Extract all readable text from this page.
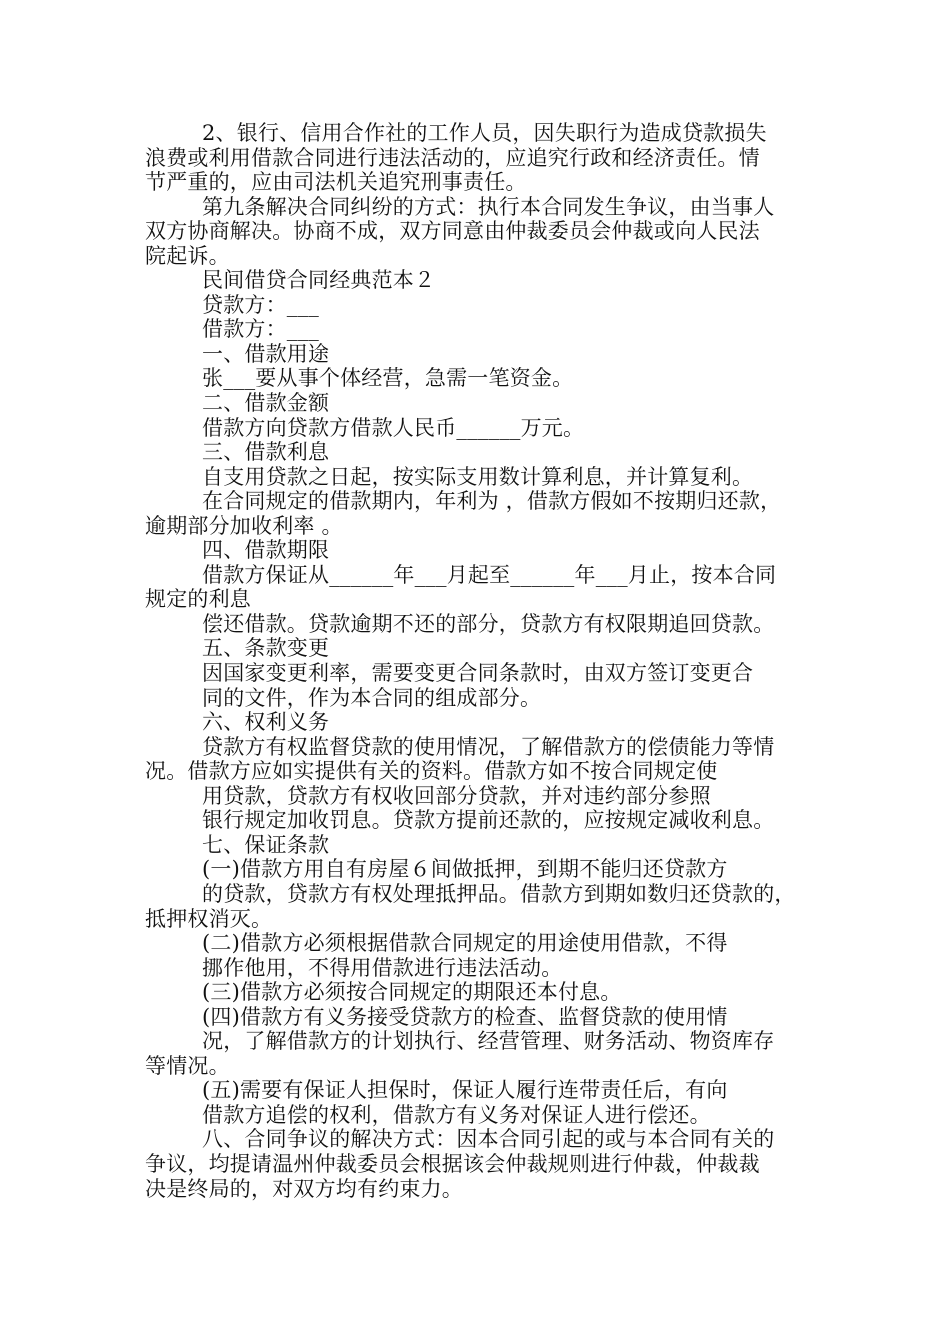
2、银行、信用合作社的工作人员，因失职行为造成贷款损失
浪费或利用借款合同进行违法活动的，应追究行政和经济责任。情
节严重的，应由司法机关追究刑事责任。
第九条解决合同纠纷的方式：执行本合同发生争议，由当事人
双方协商解决。协商不成，双方同意由仲裁委员会仲裁或向人民法
院起诉。
民间借贷合同经典范本２
贷款方：___
借款方：___
一、借款用途
张___要从事个体经营，急需一笔资金。
二、借款金额
借款方向贷款方借款人民币______万元。
三、借款利息
自支用贷款之日起，按实际支用数计算利息，并计算复利。
在合同规定的借款期内，年利为 ，借款方假如不按期归还款，
逾期部分加收利率 。
四、借款期限
借款方保证从______年___月起至______年___月止，按本合同
规定的利息
偿还借款。贷款逾期不还的部分，贷款方有权限期追回贷款。
五、条款变更
因国家变更利率，需要变更合同条款时，由双方签订变更合
同的文件，作为本合同的组成部分。
六、权利义务
贷款方有权监督贷款的使用情况，了解借款方的偿债能力等情
况。借款方应如实提供有关的资料。借款方如不按合同规定使
用贷款，贷款方有权收回部分贷款，并对违约部分参照
银行规定加收罚息。贷款方提前还款的，应按规定减收利息。
七、保证条款
(一)借款方用自有房屋６间做抵押，到期不能归还贷款方
的贷款，贷款方有权处理抵押品。借款方到期如数归还贷款的，
抵押权消灭。
(二)借款方必须根据借款合同规定的用途使用借款，不得
挪作他用，不得用借款进行违法活动。
(三)借款方必须按合同规定的期限还本付息。
(四)借款方有义务接受贷款方的检查、监督贷款的使用情
况，了解借款方的计划执行、经营管理、财务活动、物资库存
等情况。
(五)需要有保证人担保时，保证人履行连带责任后，有向
借款方追偿的权利，借款方有义务对保证人进行偿还。
八、合同争议的解决方式：因本合同引起的或与本合同有关的
争议，均提请温州仲裁委员会根据该会仲裁规则进行仲裁，仲裁裁
决是终局的，对双方均有约束力。
